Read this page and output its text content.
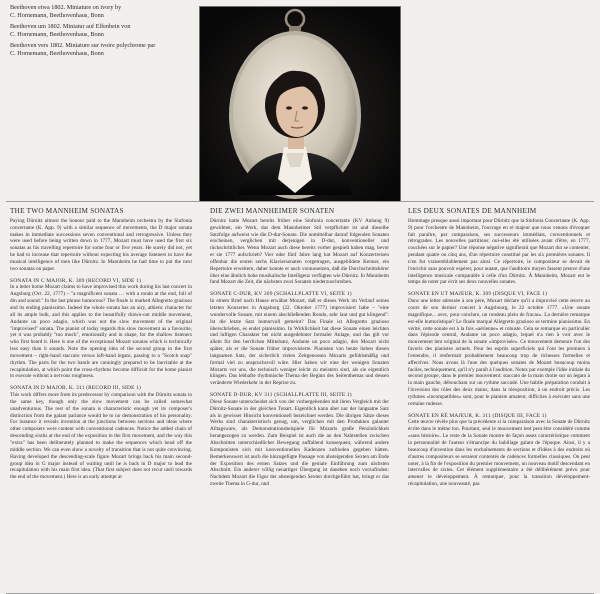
Beethoven etwa 1802. Miniature on ivory by
C. Hornemann, Beethovenhaus, Bonn
Beethoven um 1802. Miniatur auf Elfenbein von
C. Hornemann, Beethovenhaus, Bonn
Beethoven vers 1802. Miniature sur ivoire polychrome par
C. Hornemann, Beethovenhaus, Bonn
THE TWO MANNHEIM SONATAS

Paying Dürnitz almost the honour paid to the Mannheim orchestra by the Sinfonia concertante (K. App. 9) with a similar sequence of movements, the D major sonata makes in immediate successions seven conventional and retrogressive. Unless they were used before being written down in 1777, Mozart must have used the first six sonatas as his travelling repertoire for some four or five years. He surely did not, yet he had to increase that repertoire without expecting his average listeners to have the musical intelligence of men like Dürnitz. In Mannheim he had time to put the next two sonatas on paper.

SONATA IN C MAJOR, K. 309 (RECORD VI, SIDE 1)

In a letter home Mozart claims to have improvised this work during his last concert in Augsburg (Oct. 22, 1777) – "a magnificent sonata … with a rondo at the end, full of din and sound." In the last phrase humorous? The finale is marked Allegretto grazioso and its ending pianissimo. Indeed the whole sonata has an airy, athletic character for all its ample bulk, and this applies to the beautifully drawn-out middle movement, Andante un poco adagio, which was not the slow movement of the original "improvised" sonata. The pianist of today regards this slow movement as a favourite, yet it was probably "too much", emotionally and in shape, for the shallow listeners who first heard it. Here is one of the exceptional Mozart sonatas which is technically less easy than it sounds. Note the opening idea of the second group in the first movement – right-hand staccato versus left-hand legato, passing to a "Scotch snap" rhythm. The parts for the two hands are cunningly prepared to be inevitable at the recapitulation, at which point the cross-rhythms become difficult for the home pianist to execute without a nervous roughness.

SONATA IN D MAJOR, K. 311 (RECORD III, SIDE 1)

This work differs more from its predecessor by comparison with the Dürnitz sonata in the same key, though only the slow movement can be called somewhat unadventurous. The rest of the sonata is characteristic enough yet its composer's distinction from the galant parlance would be to no demonstration of his personality. For instance it reveals invention at the junctions between sections and ideas where other composers were content with conventional cadences. Notice the added chain of descending sixths at the end of the exposition in the first movement, and the way this "extra" has been deliberately planned to make the sequences which head off the middle section. We can even show a novelty of transition that is not quite convincing. Having developed the descending-scale figure Mozart brings back his main second-group idea in G major instead of waiting until he is back in D major to lead the recapitulation with his main first idea. (That first subject does not recur until towards the end of the movement.) Here is an early attempt at

DIE ZWEI MANNHEIMER SONATEN

Dürnitz hatte Mozart bereits früher eine Sinfonia concertante (KV Anhang 9) gewidmet, ein Werk, das dem Mannheimer Stil verpflichtet ist und dieselbe Satzfolge aufweist wie die D-dur-Sonate. Die unmittelbar darauf folgenden Sonaten erscheinen, verglichen mit derjenigen in D-dur, konventioneller und rückschrittlicher. Wenn Mozart auch diese bereits vorher gespielt haben mag, bevor er sie 1777 aufschrieb? Vier oder fünf Jahre lang hat Mozart auf Konzertreisen offenbar die ersten sechs Klaviersonaten vorgetragen, ausgebildete Kenner, ein Repertoire erweitern, daher konnte er auch voraussetzen, daß die Durchschnittshörer über eine ähnlich hohe musikalische Intelligenz verfügten wie Dürnitz. In Mannheim fand Mozart die Zeit, die nächsten zwei Sonaten niederzuschreiben.

SONATE C-DUR, KV 309 (SCHALLPLATTE VI, SEITE 1)

In einem Brief nach Hause erwähnt Mozart, daß er dieses Werk im Verlauf seines letzten Konzertes in Augsburg (22. Oktober 1777) improvisiert habe – "eine wundervolle Sonate, mit einem abschließenden Rondo, sehr laut und gut klingend". Ist die letzte Satz humorvoll gemeint? Das Finale ist Allegretto grazioso überschrieben, es endet pianissimo. In Wirklichkeit hat diese Sonate einen leichten und luftigen Charakter bei nicht ausgedehnter formaler Anlage, und das gilt vor allem für den herrlichen Mittelsatz, Andante un poco adagio, den Mozart nicht später, als er die Sonate früher improvisierte. Pianisten von heute lieben diesen langsamen Satz, der sicherlich vielen Zeitgenossen Mozarts gefühlsmäßig und formal viel zu anspruchsvoll wäre. Hier haben wir eine der wenigen Sonaten Mozarts vor uns, die technisch weniger leicht zu meistern sind, als sie eigentlich klingen. Das lebhafte rhythmische Thema der Beginn des Seitenthemas und dessen veränderte Wiederkehr in der Reprise zu.

SONATE D-DUR, KV 311 (SCHALLPLATTE III, SEITE 1)

Diese Sonate unterscheidet sich von der vorhergehenden mit ihren Vergleich mit der Dürnitz-Sonate in der gleichen Tonart. Eigentlich kann aber nur der langsame Satz als in gewisser Hinsicht konventionell bezeichnet werden. Die übrigen Sätze dieses Werks sind charakteristisch genug, um, verglichen mit den Produkten galanter Alltagsware, als Demonstrationsbeispiele für Mozarts große Persönlichkeit herangezogen zu werden. Zum Beispiel ist auch die an den Nahtstellen zwischen Abschnitten unterschiedlicher Bewegung auffallend konsequent, während andere Komponisten sich mit konventionellen Kadenzen zufrieden gegeben hätten. Bemerkenswert ist auch die hinzugefügte Passage von absteigenden Sexten am Ende der Exposition des ersten Satzes und die geniale Einführung zum nächsten Abschnitt. Ein anderer völlig neuartiger Übergang ist daneben noch vorzufinden: Nachdem Mozart die Figur der absteigenden Sexten durchgeführt hat, bringt er das zweite Thema in G-dur, und

LES DEUX SONATES DE MANNHEIM

Hommage presque aussi important pour Dürnitz que la Sinfonia Concertante (K. App. 9) pour l'orchestre de Mannheim, l'ouvrage en ré majeur que nous venons d'évoquer fait paraître, par comparaison, ses successeurs immédiats, conventionnels et rétrogrades. Les nouvelles partitions: oui-elles été utilisées avant d'être, en 1777, couchées sur le papier? Une réponse négative signifierait que Mozart dut se contenter, pendant quatre ou cinq ans, d'un répertoire constitué par les six premières sonates. Il n'en fut vraisemblablement pas ainsi. Ce répertoire, le compositeur se devait de l'enrichir sans pouvoir espérer, pour autant, que l'auditoire moyen fassent preuve d'une intelligence musicale comparable à celle d'un Dürnitz. À Mannheim, Mozart eut le temps de noter par écrit ses deux nouvelles sonates.

SONATE EN UT MAJEUR, K. 309 (DISQUE VI, FACE 1)

Dans une lettre adressée à son père, Mozart déclare qu'il a improvisé cette œuvre au cours de son dernier concert à Augsbourg, le 22 octobre 1777. «Une sonate magnifique... avec, pour conclure, un rondeau plein de fracas». La dernière remarque est-elle humoristique? Le finale marqué Allegretto grazioso se termine pianissimo. En vérité, cette sonate est à la fois «aérienne» et robuste. Cela se remarque en particulier dans l'épisode central, Andante un poco adagio, lequel n'a rien à voir avec le mouvement lent original de la sonate «improvisée». Ce mouvement demeure l'un des favoris des pianistes actuels. Pour les esprits superficiels qui l'ont les premiers à l'entendre, il renfermait probablement beaucoup trop de richesses formelles et affectives. Nous avons là l'une des quelques sonates de Mozart beaucoup moins faciles, techniquement, qu'il n'y paraît à l'audition. Notez par exemple l'idée initiale du second groupe, dans le premier mouvement: staccato de la main droite sur un legato à la main gauche, débouchant sur un rythme saccadé. Une habile préparation conduit à l'inversion des rôles des deux mains, dans la réexposition, à un endroit précis. Les rythmes «incompatibles» sont, pour le pianiste amateur, difficiles à exécuter sans une certaine rudesse.

SONATE EN RÉ MAJEUR, K. 311 (DISQUE III, FACE 1)

Cette œuvre révèle plus que la précédente si la comparaison avec la Sonate de Dürnitz écrite dans le même ton. Pourtant, seul le mouvement lent peut être considéré comme «sans histoire». Le reste de la Sonate montre de façon assez caractéristique comment la personnalité de l'auteur s'émancipe du babillage galant de l'époque. Ainsi, il y a beaucoup d'invention dans les enchaînements de sections et d'idées à des endroits où d'autres compositeurs se seraient contentés de cadences formelles classiques. On peut noter, à la fin de l'exposition du premier mouvement, un nouveau motif descendant en intervalles de sixtes. Cet élément supplémentaire a été délibérément prévu pour amener le développement. À remarquer, pour la transition développement-récapitulation, une nouveauté, pas
